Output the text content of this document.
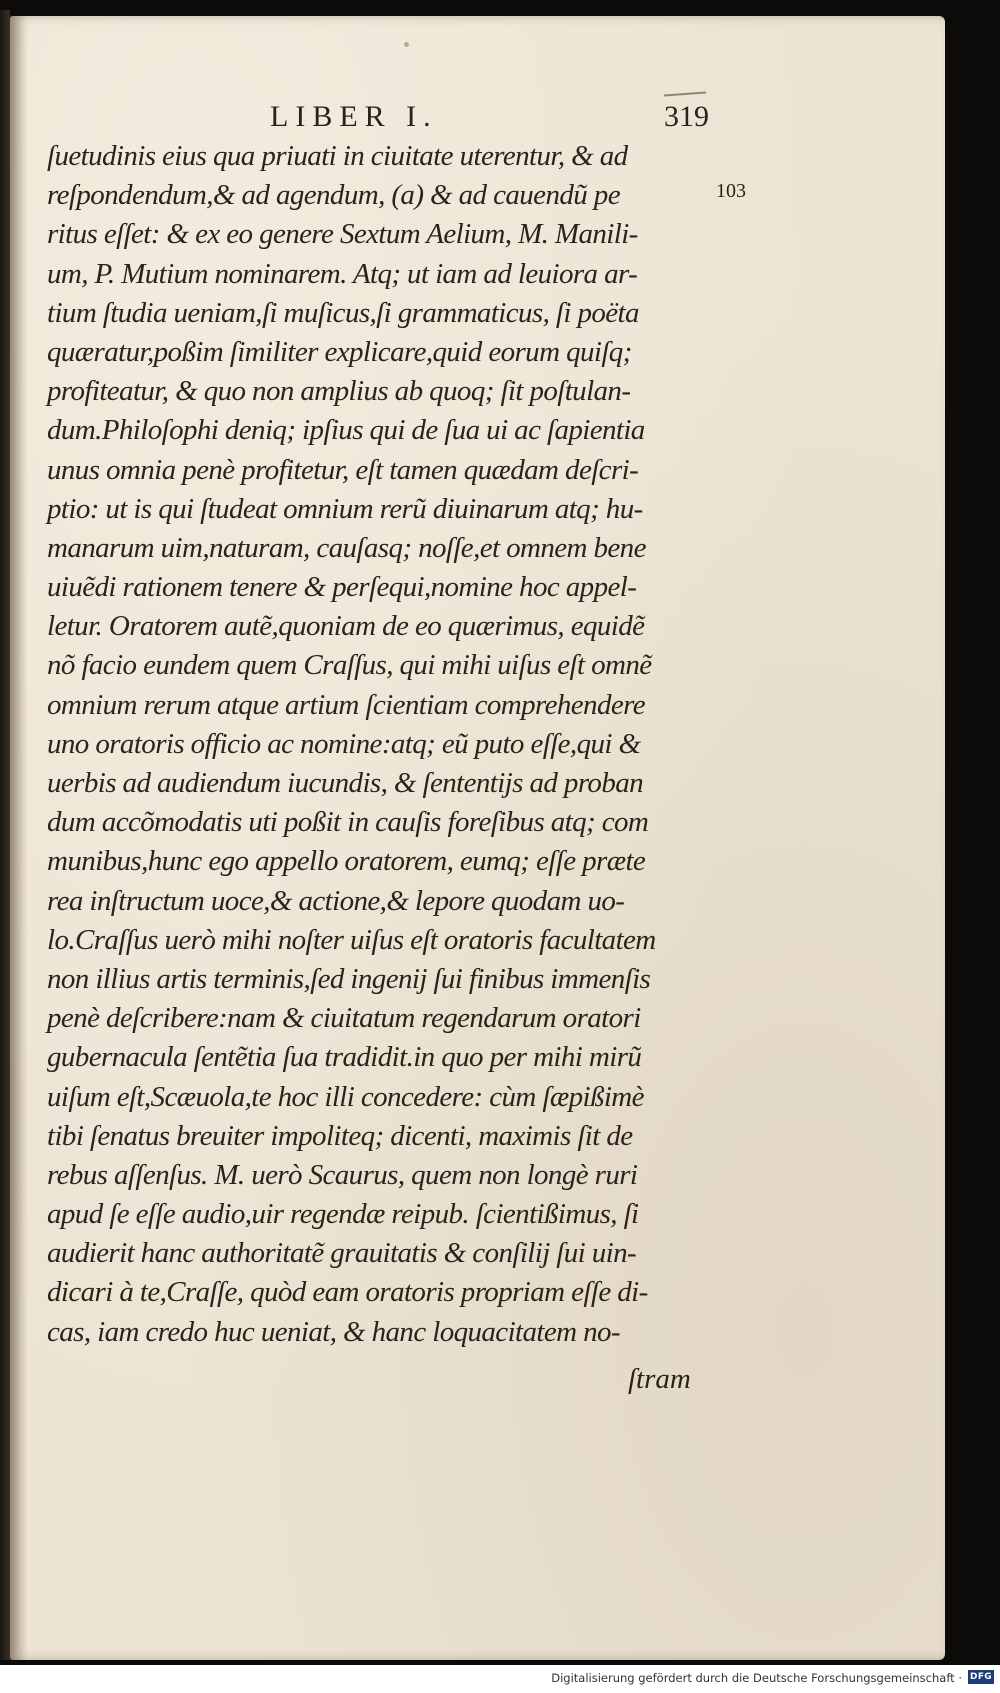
LIBER I.	319
103
ſuetudinis eius qua priuati in ciuitate uterentur, & ad
reſpondendum,& ad agendum, (a) & ad cauendũ pe
ritus eſſet: & ex eo genere Sextum Aelium, M. Manili-
um, P. Mutium nominarem. Atq; ut iam ad leuiora ar-
tium ſtudia ueniam,ſi muſicus,ſi grammaticus, ſi poëta
quæratur,poßim ſimiliter explicare,quid eorum quiſq;
profiteatur, & quo non amplius ab quoq; ſit poſtulan-
dum.Philoſophi deniq; ipſius qui de ſua ui ac ſapientia
unus omnia penè profitetur, eſt tamen quædam deſcri-
ptio: ut is qui ſtudeat omnium rerũ diuinarum atq; hu-
manarum uim,naturam, cauſasq; noſſe,et omnem bene
uiuẽdi rationem tenere & perſequi,nomine hoc appel-
letur. Oratorem autẽ,quoniam de eo quærimus, equidẽ
nõ facio eundem quem Craſſus, qui mihi uiſus eſt omnẽ
omnium rerum atque artium ſcientiam comprehendere
uno oratoris officio ac nomine:atq; eũ puto eſſe,qui &
uerbis ad audiendum iucundis, & ſententijs ad proban
dum accõmodatis uti poßit in cauſis foreſibus atq; com
munibus,hunc ego appello oratorem, eumq; eſſe præte
rea inſtructum uoce,& actione,& lepore quodam uo-
lo.Craſſus uerò mihi noſter uiſus eſt oratoris facultatem
non illius artis terminis,ſed ingenij ſui finibus immenſis
penè deſcribere:nam & ciuitatum regendarum oratori
gubernacula ſentẽtia ſua tradidit.in quo per mihi mirũ
uiſum eſt,Scæuola,te hoc illi concedere: cùm ſæpißimè
tibi ſenatus breuiter impoliteq; dicenti, maximis ſit de
rebus aſſenſus. M. uerò Scaurus, quem non longè ruri
apud ſe eſſe audio,uir regendæ reipub. ſcientißimus, ſi
audierit hanc authoritatẽ grauitatis & conſilij ſui uin-
dicari à te,Craſſe, quòd eam oratoris propriam eſſe di-
cas, iam credo huc ueniat, & hanc loquacitatem no-
ſtram
Digitalisierung gefördert durch die Deutsche Forschungsgemeinschaft · DFG
